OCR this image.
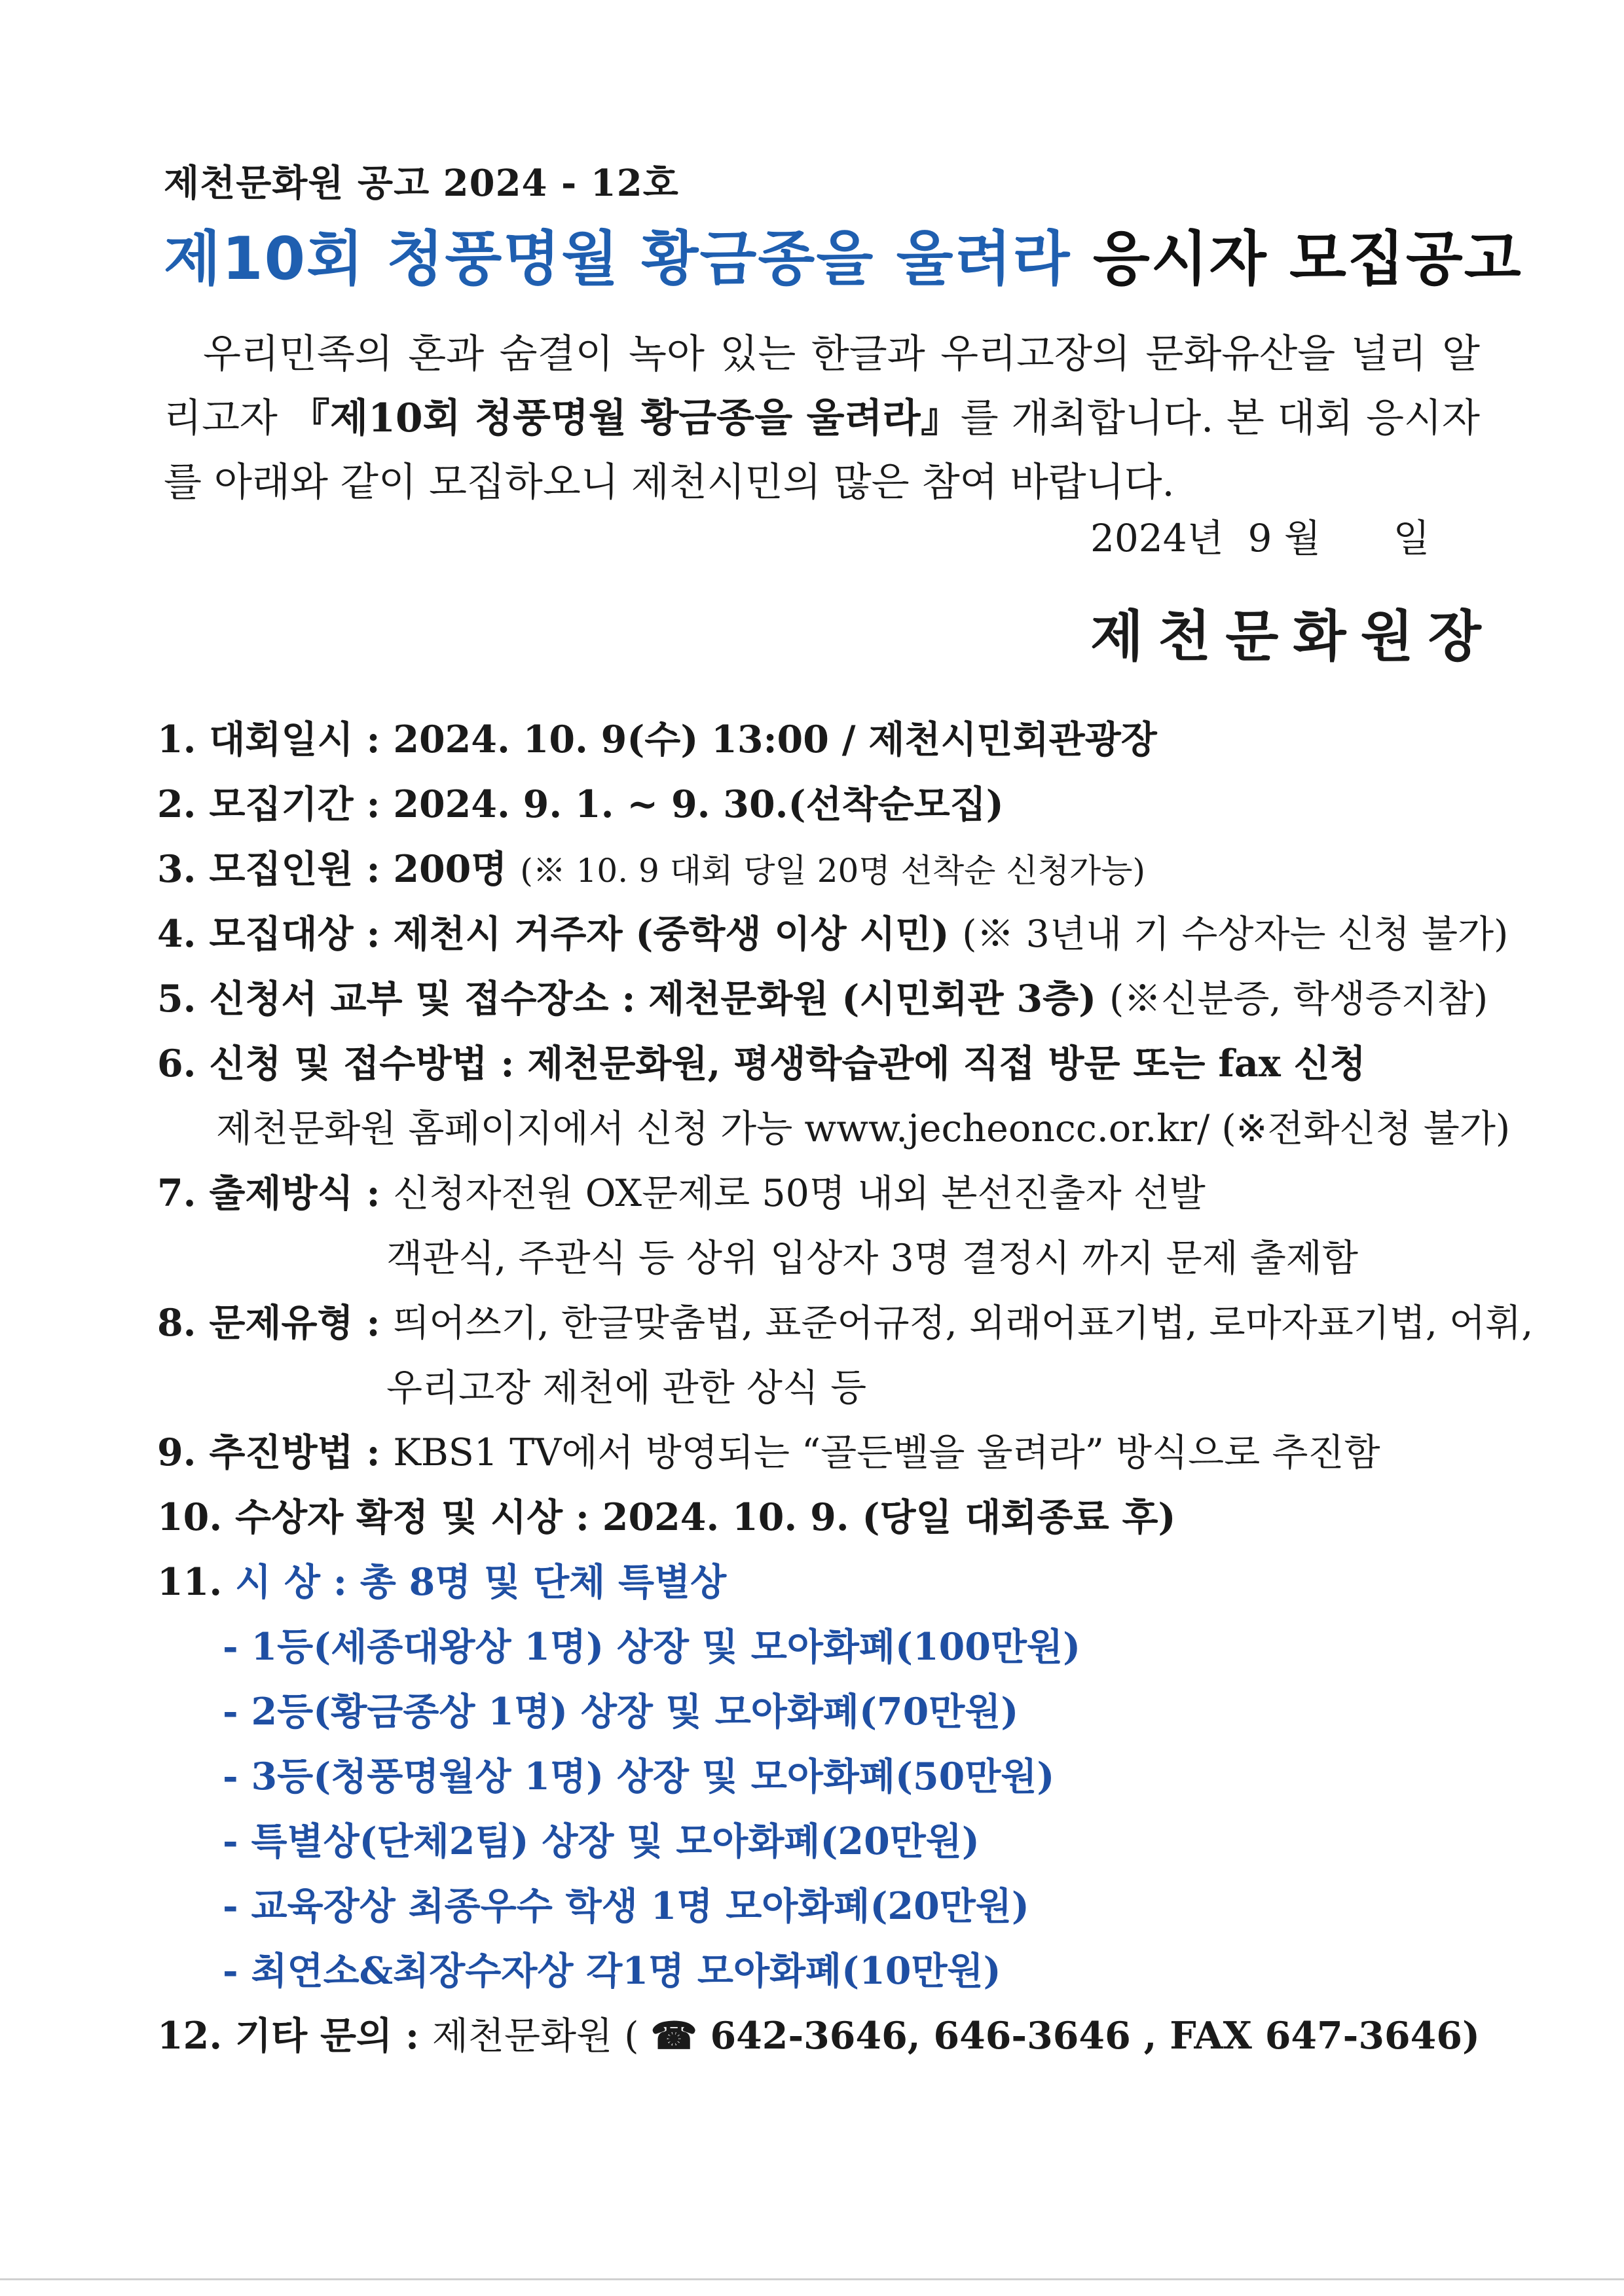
제천문화원 공고 2024 - 12호
제10회 청풍명월 황금종을 울려라 응시자 모집공고
우리민족의 혼과 숨결이 녹아 있는 한글과 우리고장의 문화유산을 널리 알리고자 『제10회 청풍명월 황금종을 울려라』를 개최합니다. 본 대회 응시자를 아래와 같이 모집하오니 제천시민의 많은 참여 바랍니다.
2024년  9 월      일
제천문화원장
1. 대회일시 : 2024. 10. 9(수) 13:00 / 제천시민회관광장
2. 모집기간 : 2024. 9. 1. ~ 9. 30.(선착순모집)
3. 모집인원 : 200명 (※ 10. 9 대회 당일 20명 선착순 신청가능)
4. 모집대상 : 제천시 거주자 (중학생 이상 시민) (※ 3년내 기 수상자는 신청 불가)
5. 신청서 교부 및 접수장소 : 제천문화원 (시민회관 3층) (※신분증, 학생증지참)
6. 신청 및 접수방법 : 제천문화원, 평생학습관에 직접 방문 또는 fax 신청
제천문화원 홈페이지에서 신청 가능 www.jecheoncc.or.kr/ (※전화신청 불가)
7. 출제방식 : 신청자전원 OX문제로 50명 내외 본선진출자 선발
객관식, 주관식 등 상위 입상자 3명 결정시 까지 문제 출제함
8. 문제유형 : 띄어쓰기, 한글맞춤법, 표준어규정, 외래어표기법, 로마자표기법, 어휘,
우리고장 제천에 관한 상식 등
9. 추진방법 : KBS1 TV에서 방영되는 “골든벨을 울려라” 방식으로 추진함
10. 수상자 확정 및 시상 : 2024. 10. 9. (당일 대회종료 후)
11. 시 상 : 총 8명 및 단체 특별상
- 1등(세종대왕상 1명) 상장 및 모아화폐(100만원)
- 2등(황금종상 1명) 상장 및 모아화폐(70만원)
- 3등(청풍명월상 1명) 상장 및 모아화폐(50만원)
- 특별상(단체2팀) 상장 및 모아화폐(20만원)
- 교육장상 최종우수 학생 1명 모아화폐(20만원)
- 최연소&최장수자상 각1명 모아화폐(10만원)
12. 기타 문의 : 제천문화원 ( ☎ 642-3646, 646-3646 , FAX 647-3646)
